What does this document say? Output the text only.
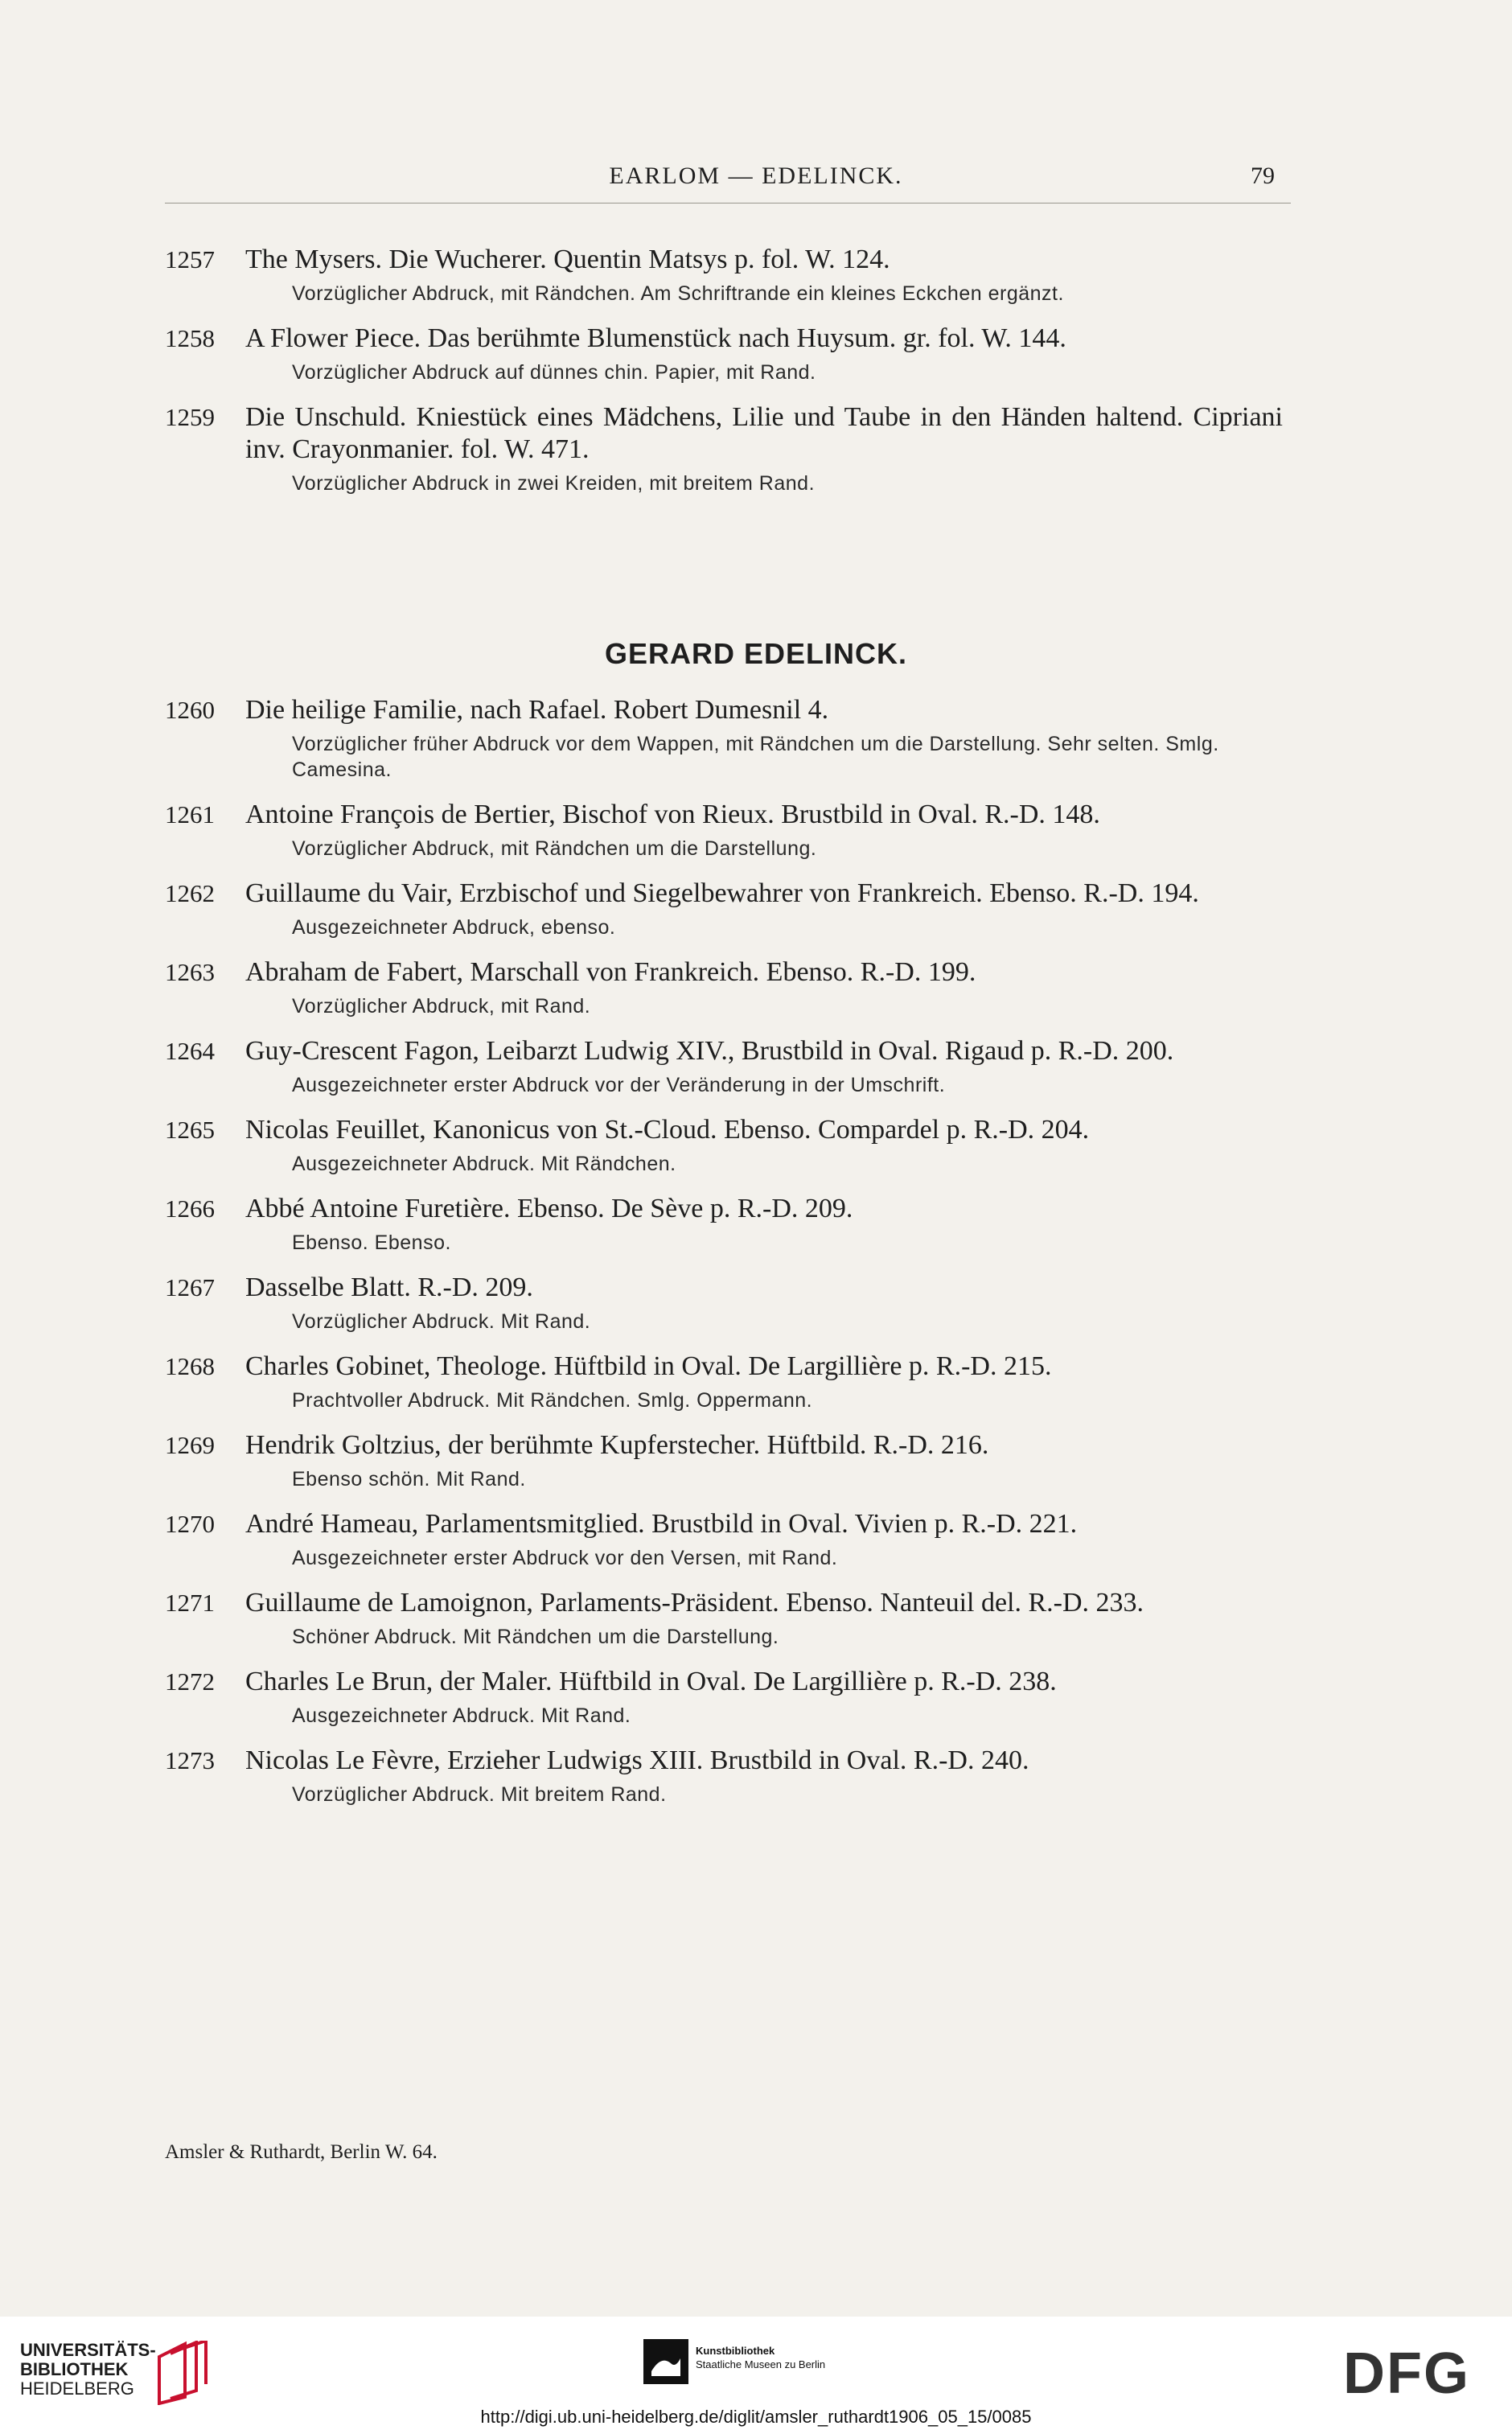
EARLOM — EDELINCK.	79
1257 The Mysers. Die Wucherer. Quentin Matsys p. fol. W. 124.
Vorzüglicher Abdruck, mit Rändchen. Am Schriftrande ein kleines Eckchen ergänzt.
1258 A Flower Piece. Das berühmte Blumenstück nach Huysum. gr. fol. W. 144.
Vorzüglicher Abdruck auf dünnes chin. Papier, mit Rand.
1259 Die Unschuld. Kniestück eines Mädchens, Lilie und Taube in den Händen haltend. Cipriani inv. Crayonmanier. fol. W. 471.
Vorzüglicher Abdruck in zwei Kreiden, mit breitem Rand.
GERARD EDELINCK.
1260 Die heilige Familie, nach Rafael. Robert Dumesnil 4.
Vorzüglicher früher Abdruck vor dem Wappen, mit Rändchen um die Darstellung. Sehr selten. Smlg. Camesina.
1261 Antoine François de Bertier, Bischof von Rieux. Brustbild in Oval. R.-D. 148.
Vorzüglicher Abdruck, mit Rändchen um die Darstellung.
1262 Guillaume du Vair, Erzbischof und Siegelbewahrer von Frankreich. Ebenso. R.-D. 194.
Ausgezeichneter Abdruck, ebenso.
1263 Abraham de Fabert, Marschall von Frankreich. Ebenso. R.-D. 199.
Vorzüglicher Abdruck, mit Rand.
1264 Guy-Crescent Fagon, Leibarzt Ludwig XIV., Brustbild in Oval. Rigaud p. R.-D. 200.
Ausgezeichneter erster Abdruck vor der Veränderung in der Umschrift.
1265 Nicolas Feuillet, Kanonicus von St.-Cloud. Ebenso. Compardel p. R.-D. 204.
Ausgezeichneter Abdruck. Mit Rändchen.
1266 Abbé Antoine Furetière. Ebenso. De Sève p. R.-D. 209.
Ebenso. Ebenso.
1267 Dasselbe Blatt. R.-D. 209.
Vorzüglicher Abdruck. Mit Rand.
1268 Charles Gobinet, Theologe. Hüftbild in Oval. De Largillière p. R.-D. 215.
Prachtvoller Abdruck. Mit Rändchen. Smlg. Oppermann.
1269 Hendrik Goltzius, der berühmte Kupferstecher. Hüftbild. R.-D. 216.
Ebenso schön. Mit Rand.
1270 André Hameau, Parlamentsmitglied. Brustbild in Oval. Vivien p. R.-D. 221.
Ausgezeichneter erster Abdruck vor den Versen, mit Rand.
1271 Guillaume de Lamoignon, Parlaments-Präsident. Ebenso. Nanteuil del. R.-D. 233.
Schöner Abdruck. Mit Rändchen um die Darstellung.
1272 Charles Le Brun, der Maler. Hüftbild in Oval. De Largillière p. R.-D. 238.
Ausgezeichneter Abdruck. Mit Rand.
1273 Nicolas Le Fèvre, Erzieher Ludwigs XIII. Brustbild in Oval. R.-D. 240.
Vorzüglicher Abdruck. Mit breitem Rand.
Amsler & Ruthardt, Berlin W. 64.
UNIVERSITÄTS-
BIBLIOTHEK
HEIDELBERG
Kunstbibliothek
Staatliche Museen zu Berlin	DFG
http://digi.ub.uni-heidelberg.de/diglit/amsler_ruthardt1906_05_15/0085
